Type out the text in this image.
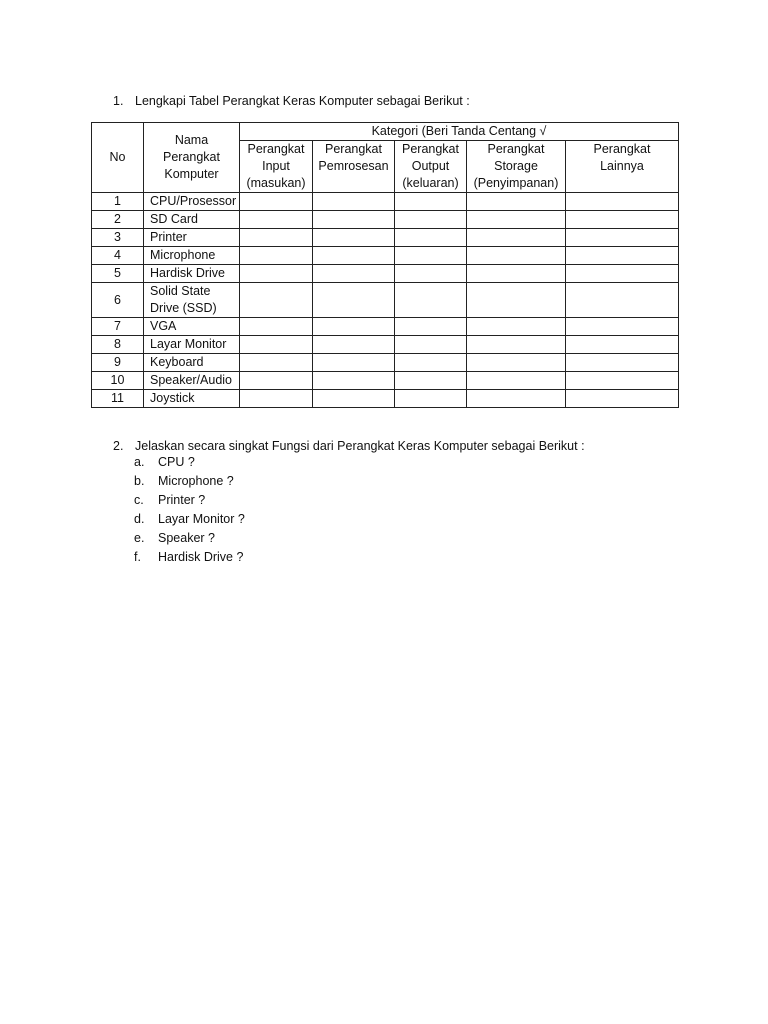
1. Lengkapi Tabel Perangkat Keras Komputer sebagai Berikut :
No	Nama
Perangkat
Komputer	Kategori (Beri Tanda Centang √				
		Perangkat
Input
(masukan)	Perangkat
Pemrosesan	Perangkat
Output
(keluaran)	Perangkat
Storage
(Penyimpanan)	Perangkat
Lainnya
1	CPU/Prosessor					
2	SD Card					
3	Printer					
4	Microphone					
5	Hardisk Drive					
6	Solid State
Drive (SSD)					
7	VGA					
8	Layar Monitor					
9	Keyboard					
10	Speaker/Audio					
11	Joystick					
2. Jelaskan secara singkat Fungsi dari Perangkat Keras Komputer sebagai Berikut :
a. CPU ?
b. Microphone ?
c. Printer ?
d. Layar Monitor ?
e. Speaker ?
f. Hardisk Drive ?
